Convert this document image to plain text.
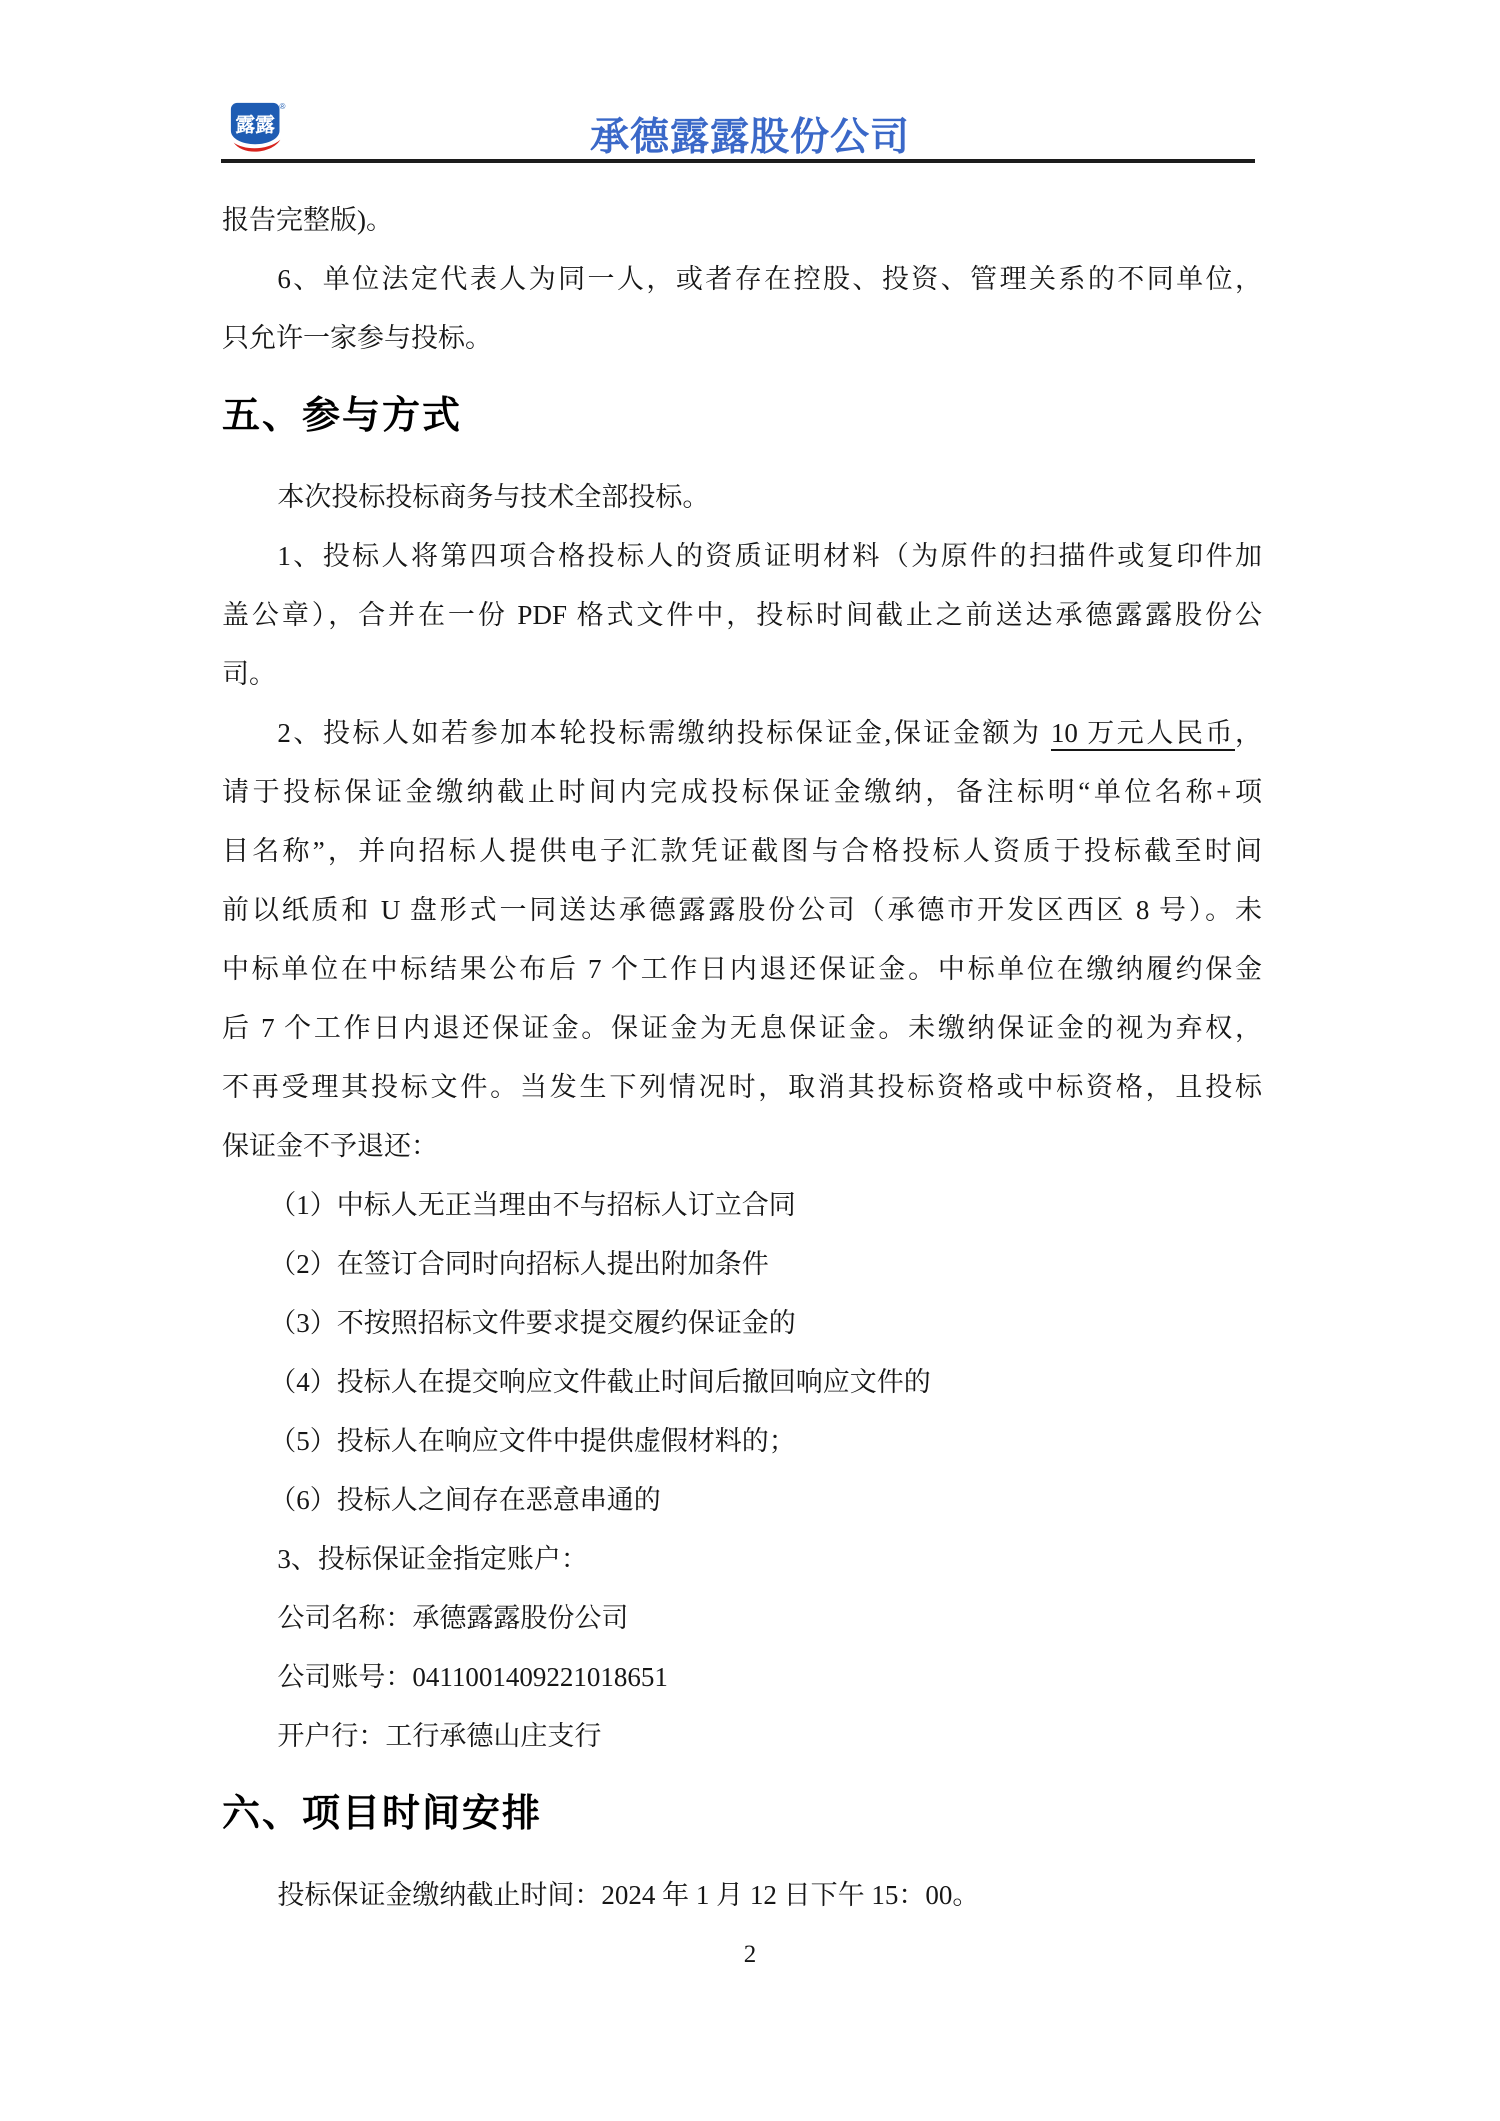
露露
®
承德露露股份公司
报告完整版)。
6、单位法定代表人为同一人，或者存在控股、投资、管理关系的不同单位，
只允许一家参与投标。
五、参与方式
本次投标投标商务与技术全部投标。
1、投标人将第四项合格投标人的资质证明材料（为原件的扫描件或复印件加
盖公章），合并在一份 PDF 格式文件中，投标时间截止之前送达承德露露股份公
司。
2、投标人如若参加本轮投标需缴纳投标保证金,保证金额为 10 万元人民币，
请于投标保证金缴纳截止时间内完成投标保证金缴纳，备注标明“单位名称+项
目名称”，并向招标人提供电子汇款凭证截图与合格投标人资质于投标截至时间
前以纸质和 U 盘形式一同送达承德露露股份公司（承德市开发区西区 8 号）。未
中标单位在中标结果公布后 7 个工作日内退还保证金。中标单位在缴纳履约保金
后 7 个工作日内退还保证金。保证金为无息保证金。未缴纳保证金的视为弃权，
不再受理其投标文件。当发生下列情况时，取消其投标资格或中标资格，且投标
保证金不予退还：
（1）中标人无正当理由不与招标人订立合同
（2）在签订合同时向招标人提出附加条件
（3）不按照招标文件要求提交履约保证金的
（4）投标人在提交响应文件截止时间后撤回响应文件的
（5）投标人在响应文件中提供虚假材料的；
（6）投标人之间存在恶意串通的
3、投标保证金指定账户：
公司名称：承德露露股份公司
公司账号：0411001409221018651
开户行：工行承德山庄支行
六、项目时间安排
投标保证金缴纳截止时间：2024 年 1 月 12 日下午 15：00。
2
